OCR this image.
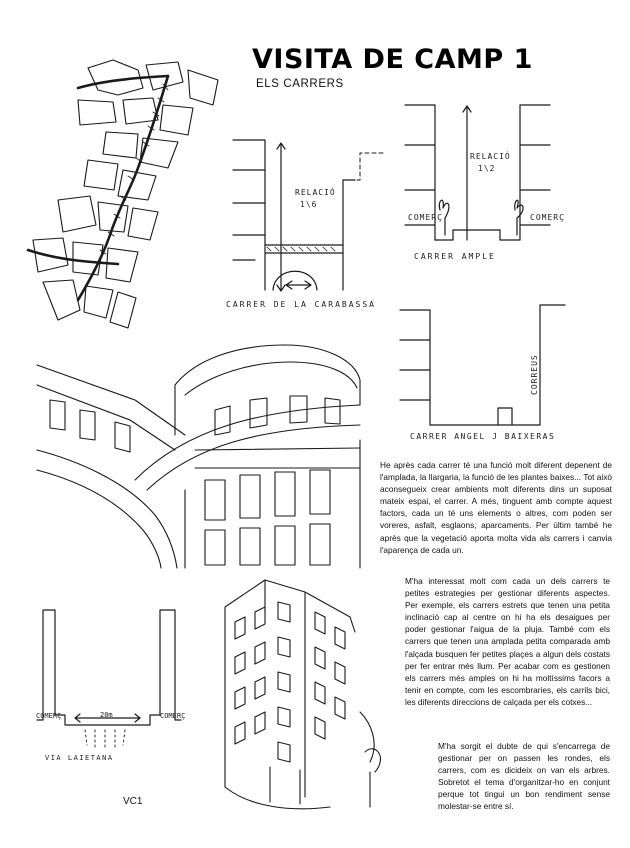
VISITA DE CAMP 1
ELS CARRERS
RELACIÓ
1\6
CARRER DE LA CARABASSA
RELACIÓ
1\2
COMERÇ	COMERÇ
CARRER AMPLE
CORREUS
CARRER ANGEL J BAIXERAS

He après cada carrer té una funció molt diferent depenent de l'amplada, la llargaria, la funció de les plantes baixes... Tot això aconsegueix crear ambients molt diferents dins un suposat mateix espai, el carrer. A més, tinguent amb compte aquest factors, cada un té uns elements o altres, com poden ser voreres, asfalt, esglaons, aparcaments. Per últim també he après que la vegetació aporta molta vida als carrers i canvia l'aparença de cada un.

M'ha interessat molt com cada un dels carrers te petites estrategies per gestionar diferents aspectes. Per exemple, els carrers estrets que tenen una petita inclinació cap al centre on hi ha els desaigues per poder gestionar l'aigua de la pluja. També com els carrers que tenen una amplada petita comparada amb l'alçada busquen fer petites plaçes a algun dels costats per fer entrar més llum. Per acabar com es gestionen els carrers més amples on hi ha moltíssims facors a tenir en compte, com les escombraries, els carrils bici, les diferents direccions de calçada per els cotxes...

M'ha sorgit el dubte de qui s'encarrega de gestionar per on passen les rondes, els carrers, com es dicideix on van els arbres. Sobretot el tema d'organitzar-ho en conjunt perque tot tingui un bon rendiment sense molestar-se entre sí.

COMERÇ	COMERÇ
20m
VIA LAIETANA
VC1
